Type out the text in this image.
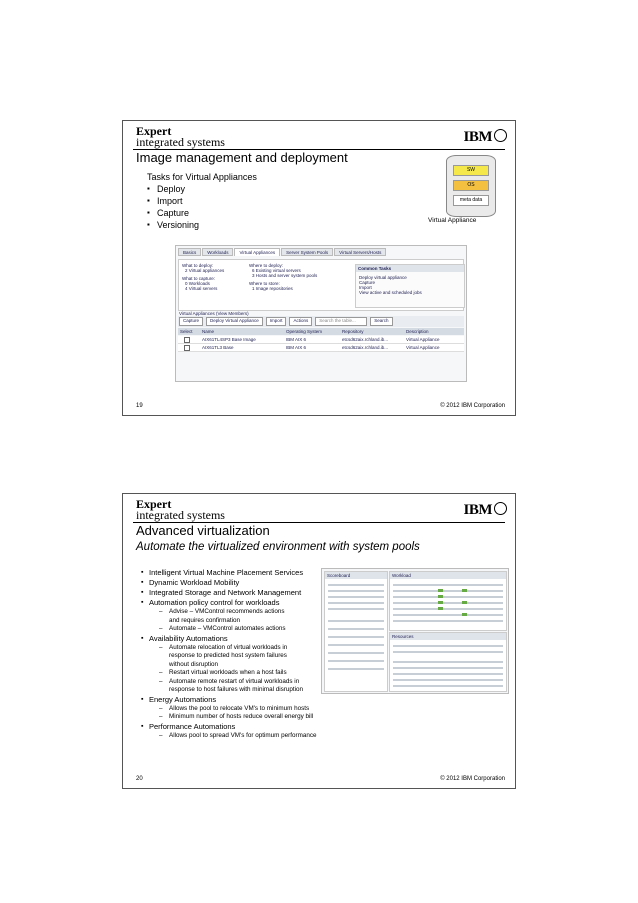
Expert
integrated systems	IBM
Image management and deployment
Tasks for Virtual Appliances
▪ Deploy
▪ Import
▪ Capture
▪ Versioning
SW
OS
meta data
Virtual Appliance
Basics	Workloads	Virtual Appliances	Server System Pools	Virtual Servers/Hosts
What to deploy:
2 Virtual appliances
What to capture:
0 Workloads
4 Virtual servers
Where to deploy:
6 Existing virtual servers
3 Hosts and server system pools
Where to store:
1 Image repositories
Common Tasks
Deploy virtual appliance
Capture
Import
View active and scheduled jobs
Virtual Appliances (View Members)
Capture	Deploy Virtual Appliance	Import	Actions	Search the table...	Search
Select Name	Operating System	Repository	Description
AIX61TL4SP3 Base Image	IBM AIX 6	etcsd62aix.rchland.ib...	Virtual Appliance
AIX61TL3 Base	IBM AIX 6	etcsd62aix.rchland.ib...	Virtual Appliance
19	© 2012 IBM Corporation
Expert
integrated systems	IBM
Advanced virtualization
Automate the virtualized environment with system pools
▪ Intelligent Virtual Machine Placement Services
▪ Dynamic Workload Mobility
▪ Integrated Storage and Network Management
▪ Automation policy control for workloads
– Advise – VMControl recommends actions
and requires confirmation
– Automate – VMControl automates actions
▪ Availability Automations
– Automate relocation of virtual workloads in
response to predicted host system failures
without disruption
– Restart virtual workloads when a host fails
– Automate remote restart of virtual workloads in
response to host failures with minimal disruption
▪ Energy Automations
– Allows the pool to relocate VM's to minimum hosts
– Minimum number of hosts reduce overall energy bill
▪ Performance Automations
– Allows pool to spread VM's for optimum performance
Scoreboard	Workload
Resources
20	© 2012 IBM Corporation
